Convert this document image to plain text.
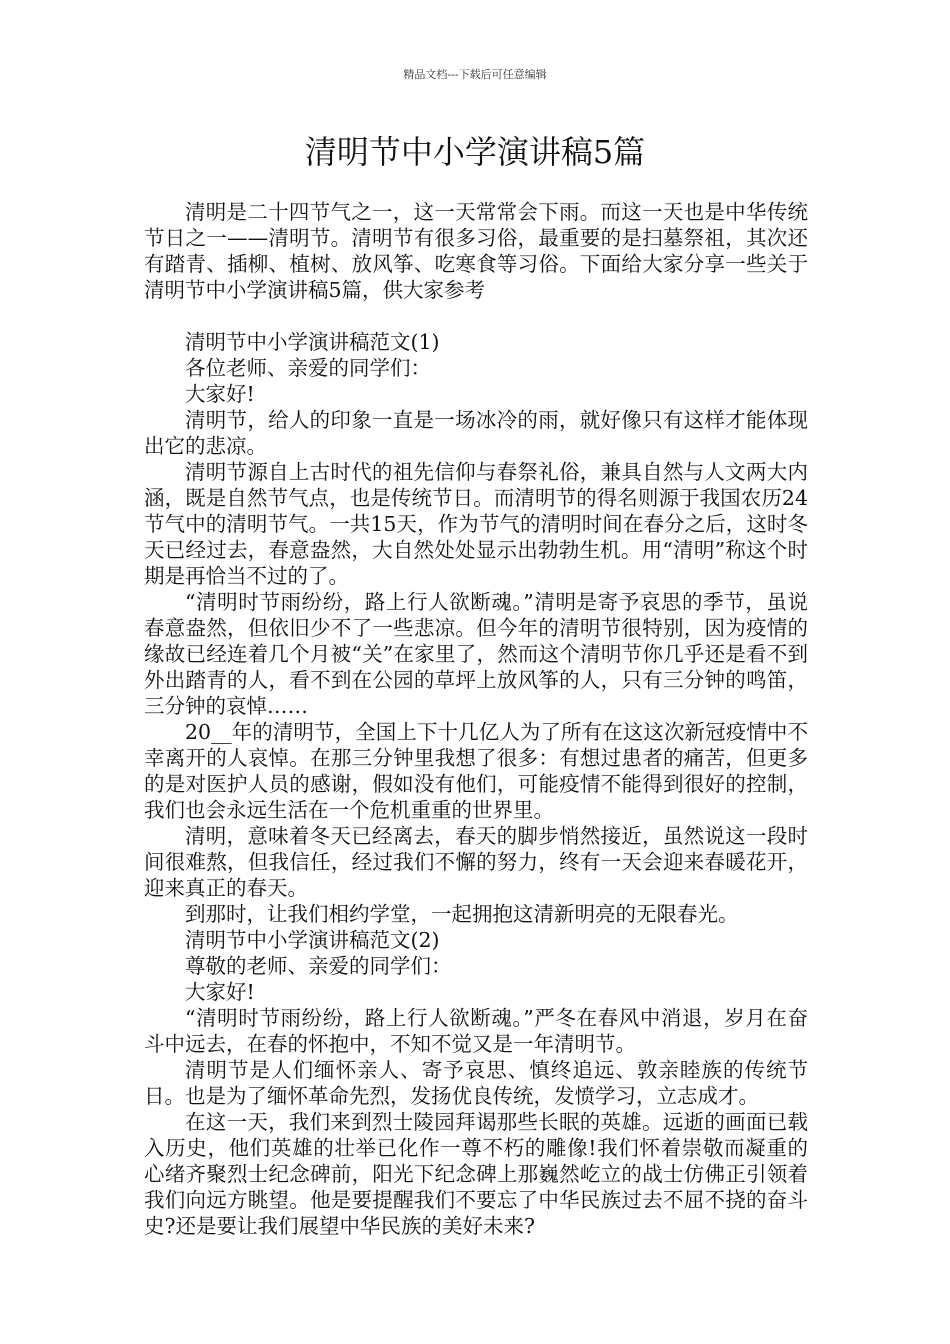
精品文档---下载后可任意编辑
清明节中小学演讲稿5篇

清明是二十四节气之一，这一天常常会下雨。而这一天也是中华传统节日之一——清明节。清明节有很多习俗，最重要的是扫墓祭祖，其次还有踏青、插柳、植树、放风筝、吃寒食等习俗。下面给大家分享一些关于清明节中小学演讲稿5篇，供大家参考

清明节中小学演讲稿范文(1)

各位老师、亲爱的同学们：

大家好!

清明节，给人的印象一直是一场冰冷的雨，就好像只有这样才能体现出它的悲凉。

清明节源自上古时代的祖先信仰与春祭礼俗，兼具自然与人文两大内涵，既是自然节气点，也是传统节日。而清明节的得名则源于我国农历24节气中的清明节气。一共15天，作为节气的清明时间在春分之后，这时冬天已经过去，春意盎然，大自然处处显示出勃勃生机。用“清明”称这个时期是再恰当不过的了。

“清明时节雨纷纷，路上行人欲断魂。”清明是寄予哀思的季节，虽说春意盎然，但依旧少不了一些悲凉。但今年的清明节很特别，因为疫情的缘故已经连着几个月被“关”在家里了，然而这个清明节你几乎还是看不到外出踏青的人，看不到在公园的草坪上放风筝的人，只有三分钟的鸣笛，三分钟的哀悼……

20__年的清明节，全国上下十几亿人为了所有在这这次新冠疫情中不幸离开的人哀悼。在那三分钟里我想了很多：有想过患者的痛苦，但更多的是对医护人员的感谢，假如没有他们，可能疫情不能得到很好的控制，我们也会永远生活在一个危机重重的世界里。

清明，意味着冬天已经离去，春天的脚步悄然接近，虽然说这一段时间很难熬，但我信任，经过我们不懈的努力，终有一天会迎来春暖花开，迎来真正的春天。

到那时，让我们相约学堂，一起拥抱这清新明亮的无限春光。

清明节中小学演讲稿范文(2)

尊敬的老师、亲爱的同学们：

大家好!

“清明时节雨纷纷，路上行人欲断魂。”严冬在春风中消退，岁月在奋斗中远去，在春的怀抱中，不知不觉又是一年清明节。

清明节是人们缅怀亲人、寄予哀思、慎终追远、敦亲睦族的传统节日。也是为了缅怀革命先烈，发扬优良传统，发愤学习，立志成才。

在这一天，我们来到烈士陵园拜谒那些长眠的英雄。远逝的画面已载入历史，他们英雄的壮举已化作一尊不朽的雕像!我们怀着崇敬而凝重的心绪齐聚烈士纪念碑前，阳光下纪念碑上那巍然屹立的战士仿佛正引领着我们向远方眺望。他是要提醒我们不要忘了中华民族过去不屈不挠的奋斗史?还是要让我们展望中华民族的美好未来?
